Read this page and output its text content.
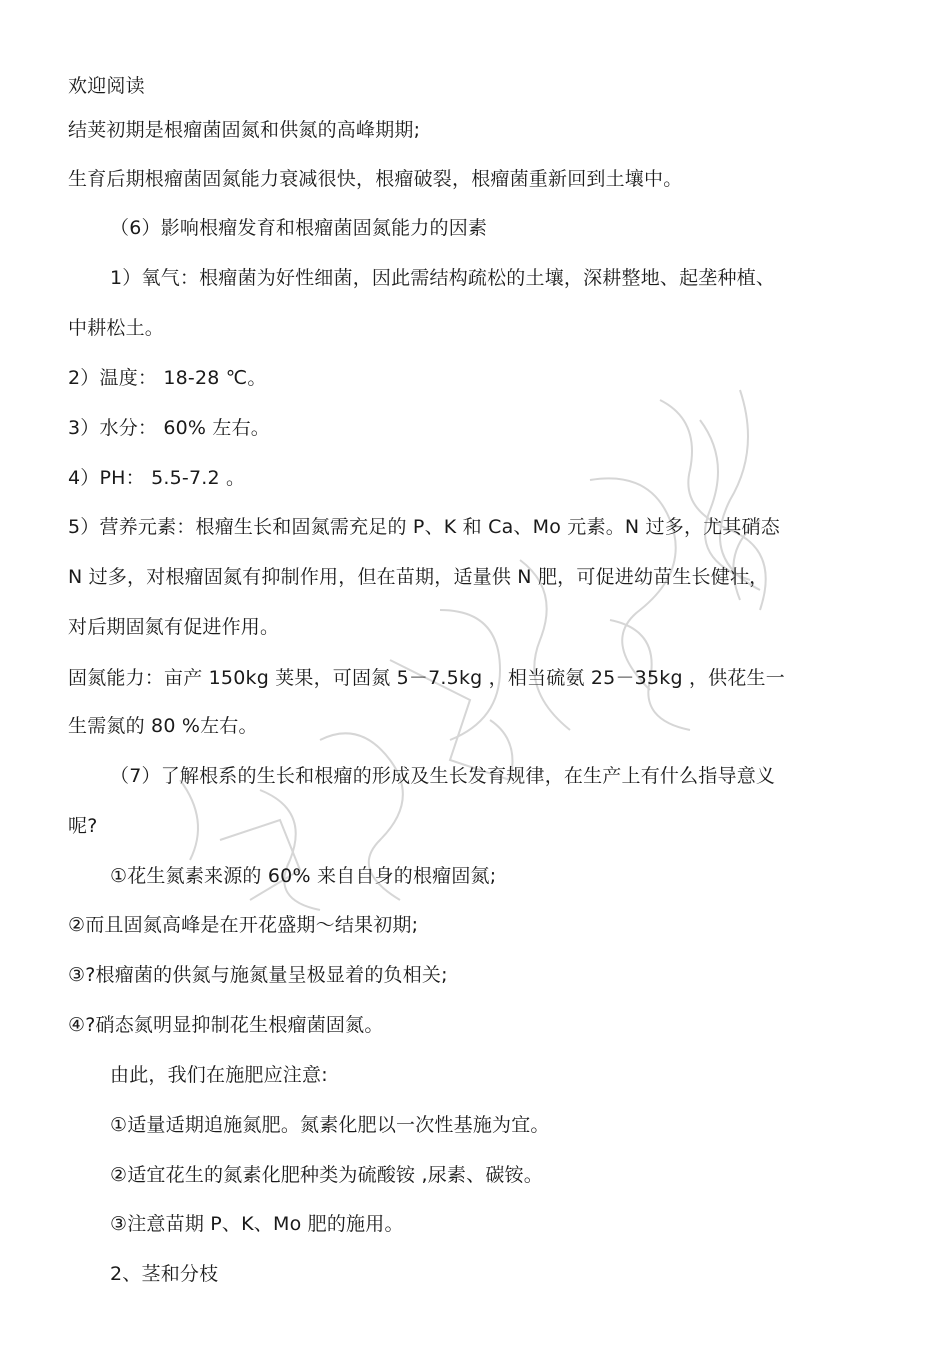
欢迎阅读
结荚初期是根瘤菌固氮和供氮的高峰期期;
生育后期根瘤菌固氮能力衰减很快，根瘤破裂，根瘤菌重新回到土壤中。
（6）影响根瘤发育和根瘤菌固氮能力的因素
1）氧气：根瘤菌为好性细菌，因此需结构疏松的土壤，深耕整地、起垄种植、
中耕松土。
2）温度： 18-28 ℃。
3）水分： 60% 左右。
4）PH： 5.5-7.2 。
5）营养元素：根瘤生长和固氮需充足的 P、K 和 Ca、Mo 元素。N 过多，尤其硝态
N 过多，对根瘤固氮有抑制作用，但在苗期，适量供 N 肥，可促进幼苗生长健壮，
对后期固氮有促进作用。
固氮能力：亩产 150kg 荚果，可固氮 5－7.5kg ，相当硫氨 25－35kg ，供花生一
生需氮的 80 %左右。
（7）了解根系的生长和根瘤的形成及生长发育规律，在生产上有什么指导意义
呢?
①花生氮素来源的 60% 来自自身的根瘤固氮;
②而且固氮高峰是在开花盛期～结果初期;
③?根瘤菌的供氮与施氮量呈极显着的负相关;
④?硝态氮明显抑制花生根瘤菌固氮。
由此，我们在施肥应注意:
①适量适期追施氮肥。氮素化肥以一次性基施为宜。
②适宜花生的氮素化肥种类为硫酸铵 ,尿素、碳铵。
③注意苗期 P、K、Mo 肥的施用。
2、茎和分枝
